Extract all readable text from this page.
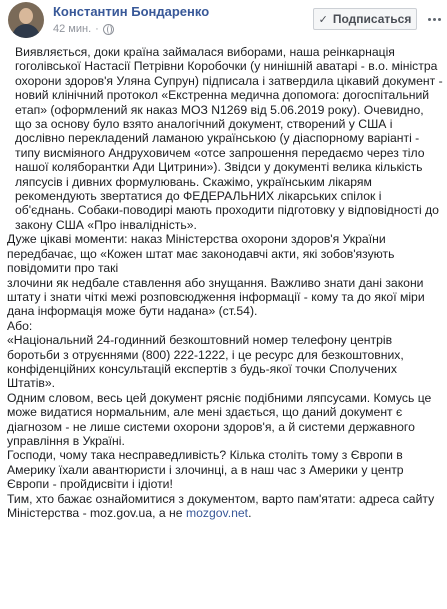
Константин Бондаренко
42 мин. ·
✓ Подписаться

Виявляється, доки країна займалася виборами, наша реінкарнація гоголівської Настасії Петрівни Коробочки (у нинішній аватарі - в.о. міністра охорони здоров'я Уляна Супрун) підписала і затвердила цікавий документ - новий клінічний протокол «Екстренна медична допомога: догоспітальний етап» (оформлений як наказ МОЗ N1269 від 5.06.2019 року). Очевидно, що за основу було взято аналогічний документ, створений у США і дослівно перекладений ламаною українською (у діаспорному варіанті - типу висміяного Андруховичем «отсе запрошення передаємо через тіло нашої коляборантки Ади Цитрини»). Звідси у документі велика кількість ляпсусів і дивних формулювань. Скажімо, українським лікарям рекомендують звертатися до ФЕДЕРАЛЬНИХ лікарських спілок і об'єднань. Собаки-поводирі мають проходити підготовку у відповідності до закону США «Про інвалідність».

Дуже цікаві моменти: наказ Міністерства охорони здоров'я України передбачає, що «Кожен штат має законодавчі акти, які зобов'язують повідомити про такі

злочини як недбале ставлення або знущання. Важливо знати дані закони штату і знати чіткі межі розповсюдження інформації - кому та до якої міри дана інформація може бути надана» (ст.54).

Або:

«Національний 24-годинний безкоштовний номер телефону центрів боротьби з отруєннями (800) 222-1222, і це ресурс для безкоштовних, конфіденційних консультацій експертів з будь-якої точки Сполучених Штатів».

Одним словом, весь цей документ рясніє подібними ляпсусами. Комусь це може видатися нормальним, але мені здається, що даний документ є діагнозом - не лише системи охорони здоров'я, а й системи державного управління в Україні.

Господи, чому така несправедливість? Кількa століть тому з Європи в Америку їхали авантюристи і злочинці, а в наш час з Америки у центр Європи - пройдисвіти і ідіоти!

Тим, хто бажає ознайомитися з документом, варто пам'ятати: адреса сайту Міністерства - moz.gov.ua, а не mozgov.net.
